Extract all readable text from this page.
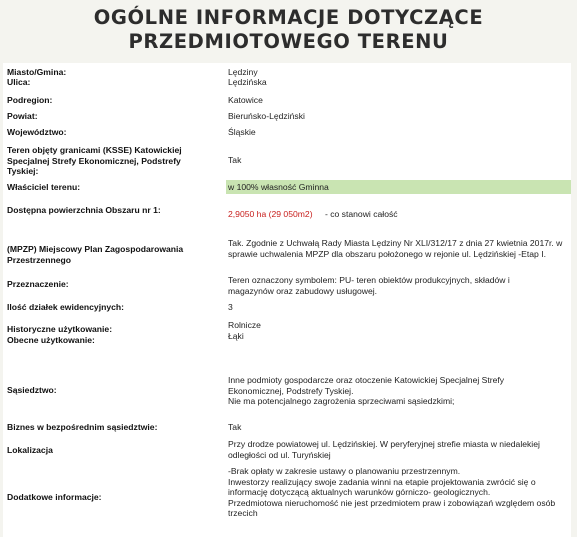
OGÓLNE INFORMACJE DOTYCZĄCE
PRZEDMIOTOWEGO TERENU
Miasto/Gmina:	Lędziny
Ulica:	Lędzińska
Podregion:	Katowice
Powiat:	Bieruńsko-Lędziński
Województwo:	Śląskie
Teren objęty granicami (KSSE) Katowickiej Specjalnej Strefy Ekonomicznej, Podstrefy Tyskiej:
Tak
Właściciel terenu:	w 100% własność Gminna
Dostępna powierzchnia Obszaru nr 1:	2,9050 ha (29 050m2) - co stanowi całość
(MPZP) Miejscowy Plan Zagospodarowania Przestrzennego
Tak. Zgodnie z Uchwałą Rady Miasta Lędziny Nr XLI/312/17 z dnia 27 kwietnia 2017r. w sprawie uchwalenia MPZP dla obszaru położonego w rejonie ul. Lędzińskiej -Etap I.
Przeznaczenie:	Teren oznaczony symbolem: PU- teren obiektów produkcyjnych, składów i magazynów oraz zabudowy usługowej.
Ilość działek ewidencyjnych:	3
Historyczne użytkowanie:	Rolnicze
Obecne użytkowanie:	Łąki
Sąsiedztwo:
Inne podmioty gospodarcze oraz otoczenie Katowickiej Specjalnej Strefy Ekonomicznej, Podstrefy Tyskiej.
Nie ma potencjalnego zagrożenia sprzeciwami sąsiedzkimi;
Biznes w bezpośrednim sąsiedztwie:	Tak
Lokalizacja
Przy drodze powiatowej ul. Lędzińskiej. W peryferyjnej strefie miasta w niedalekiej odległości od ul. Turyńskiej
Dodatkowe informacje:
-Brak opłaty w zakresie ustawy o planowaniu przestrzennym.
Inwestorzy realizujący swoje zadania winni na etapie projektowania zwrócić się o informację dotyczącą aktualnych warunków górniczo- geologicznych.
Przedmiotowa nieruchomość nie jest przedmiotem praw i zobowiązań względem osób trzecich
